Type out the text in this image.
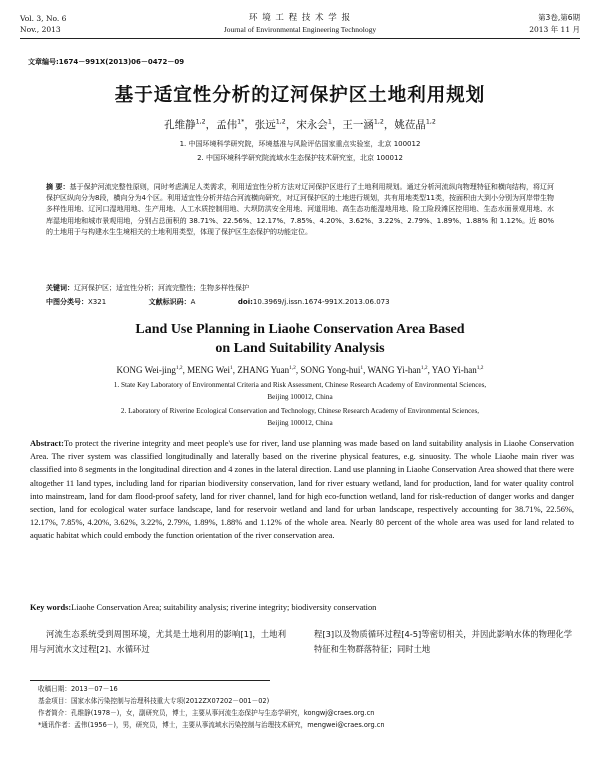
Vol. 3, No. 6
Nov., 2013
环 境 工 程 技 术 学 报
Journal of Environmental Engineering Technology
第3卷,第6期
2013 年 11 月
文章编号:1674－991X(2013)06－0472－09
基于适宜性分析的辽河保护区土地利用规划
孔维静$^{1,2}$，孟伟$^{1*}$，张远$^{1,2}$，宋永会$^1$，王一涵$^{1,2}$，姚莅晶$^{1,2}$
1. 中国环境科学研究院，环境基准与风险评估国家重点实验室，北京 100012
2. 中国环境科学研究院流域水生态保护技术研究室，北京 100012
摘 要：基于保护河流完整性原则，同时考虑满足人类需求，利用适宜性分析方法对辽河保护区进行了土地利用规划。通过分析河流纵向物理特征和横向结构，将辽河保护区纵向分为8段，横向分为4个区。利用适宜性分析并结合河流横向研究，对辽河保护区的土地进行规划，共有用地类型11类，按面积由大到小分别为河岸带生物多样性用地、辽河口湿地用地、生产用地、人工水质控制用地、大坝防洪安全用地、河道用地、高生态功能湿地用地、险工险段滩区控用地、生态水面景观用地、水库湿地用地和城市景观用地，分别占总面积的 38.71%、22.56%、12.17%、7.85%、4.20%、3.62%、3.22%、2.79%、1.89%、1.88% 和 1.12%。近 80% 的土地用于与构建水生生境相关的土地利用类型，体现了保护区生态保护的功能定位。
关键词：辽河保护区；适宜性分析；河流完整性；生物多样性保护
中图分类号：X321	文献标识码：A	doi:10.3969/j.issn.1674-991X.2013.06.073
Land Use Planning in Liaohe Conservation Area Based
on Land Suitability Analysis
KONG Wei-jing$^{1,2}$, MENG Wei$^1$, ZHANG Yuan$^{1,2}$, SONG Yong-hui$^1$, WANG Yi-han$^{1,2}$, YAO Yi-han$^{1,2}$
1. State Key Laboratory of Environmental Criteria and Risk Assessment, Chinese Research Academy of Environmental Sciences,
Beijing 100012, China
2. Laboratory of Riverine Ecological Conservation and Technology, Chinese Research Academy of Environmental Sciences,
Beijing 100012, China
Abstract:To protect the riverine integrity and meet people's use for river, land use planning was made based on land suitability analysis in Liaohe Conservation Area. The river system was classified longitudinally and laterally based on the riverine physical features, e.g. sinuosity. The whole Liaohe main river was classified into 8 segments in the longitudinal direction and 4 zones in the lateral direction. Land use planning in Liaohe Conservation Area showed that there were altogether 11 land types, including land for riparian biodiversity conservation, land for river estuary wetland, land for production, land for water quality control into mainstream, land for dam flood-proof safety, land for river channel, land for high eco-function wetland, land for risk-reduction of danger works and danger section, land for ecological water surface landscape, land for reservoir wetland and land for urban landscape, respectively accounting for 38.71%, 22.56%, 12.17%, 7.85%, 4.20%, 3.62%, 3.22%, 2.79%, 1.89%, 1.88% and 1.12% of the whole area. Nearly 80 percent of the whole area was used for land related to aquatic habitat which could embody the function orientation of the river conservation area.
Key words:Liaohe Conservation Area; suitability analysis; riverine integrity; biodiversity conservation
河流生态系统受到周围环境，尤其是土地利用的影响[1]，土地利用与河流水文过程[2]、水循环过
程[3]以及物质循环过程[4-5]等密切相关，并因此影响水体的物理化学特征和生物群落特征；同时土地
收稿日期：2013－07－16
基金项目：国家水体污染控制与治理科技重大专项(2012ZX07202－001－02)
作者简介：孔维静(1978－)，女，副研究员，博士，主要从事河流生态保护与生态学研究，kongwj@craes.org.cn
*通讯作者：孟伟(1956－)，男，研究员，博士，主要从事流域水污染控制与治理技术研究，mengwei@craes.org.cn
